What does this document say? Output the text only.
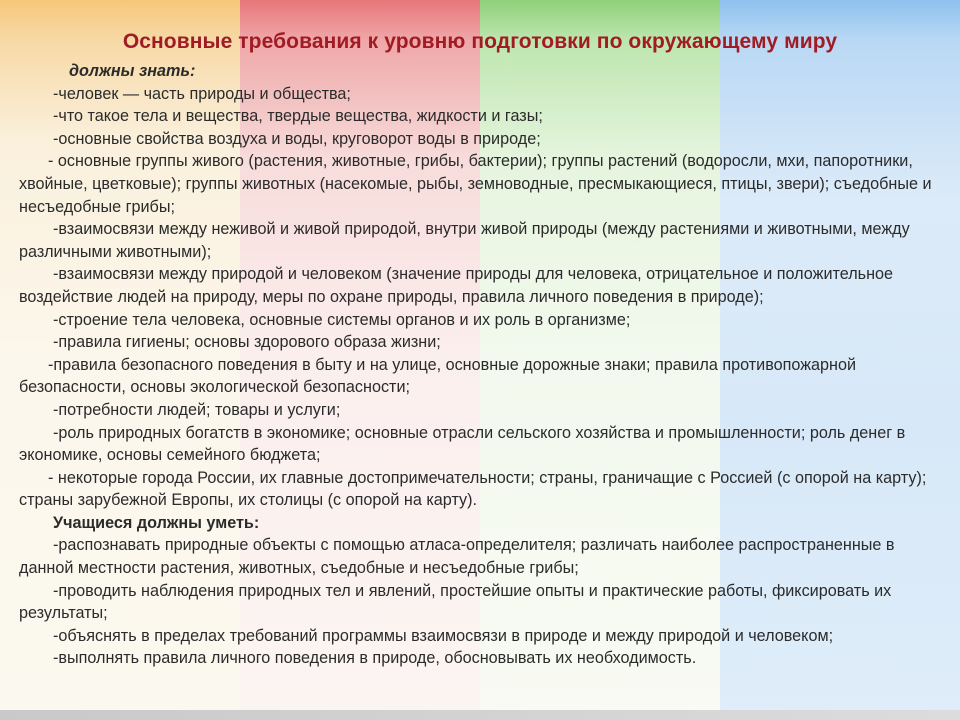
Основные требования к уровню подготовки по окружающему миру

должны знать:

-человек — часть природы и общества;

-что такое тела и вещества, твердые вещества, жидкости и газы;

-основные свойства воздуха и воды, круговорот воды в природе;

- основные группы живого (растения, животные, грибы, бактерии); группы растений (водоросли, мхи, папоротники, хвойные, цветковые); группы животных (насекомые, рыбы, земноводные, пресмыкающиеся, птицы, звери); съедобные и несъедобные грибы;

-взаимосвязи между неживой и живой природой, внутри живой природы (между растениями и животными, между различными животными);

-взаимосвязи между природой и человеком (значение природы для человека, отрицательное и положительное воздействие людей на природу, меры по охране природы, правила личного поведения в природе);

-строение тела человека, основные системы органов и их роль в организме;

-правила гигиены; основы здорового образа жизни;

-правила безопасного поведения в быту и на улице, основные дорожные знаки; правила противопожарной безопасности, основы экологической безопасности;

-потребности людей; товары и услуги;

-роль природных богатств в экономике; основные отрасли сельского хозяйства и промышленности; роль денег в экономике, основы семейного бюджета;

- некоторые города России, их главные достопримечательности; страны, граничащие с Россией (с опорой на карту); страны зарубежной Европы, их столицы (с опорой на карту).

Учащиеся должны уметь:

-распознавать природные объекты с помощью атласа-определителя; различать наиболее распространенные в данной местности растения, животных, съедобные и несъедобные грибы;

-проводить наблюдения природных тел и явлений, простейшие опыты и практические работы, фиксировать их результаты;

-объяснять в пределах требований программы взаимосвязи в природе и между природой и человеком;

-выполнять правила личного поведения в природе, обосновывать их необходимость.
